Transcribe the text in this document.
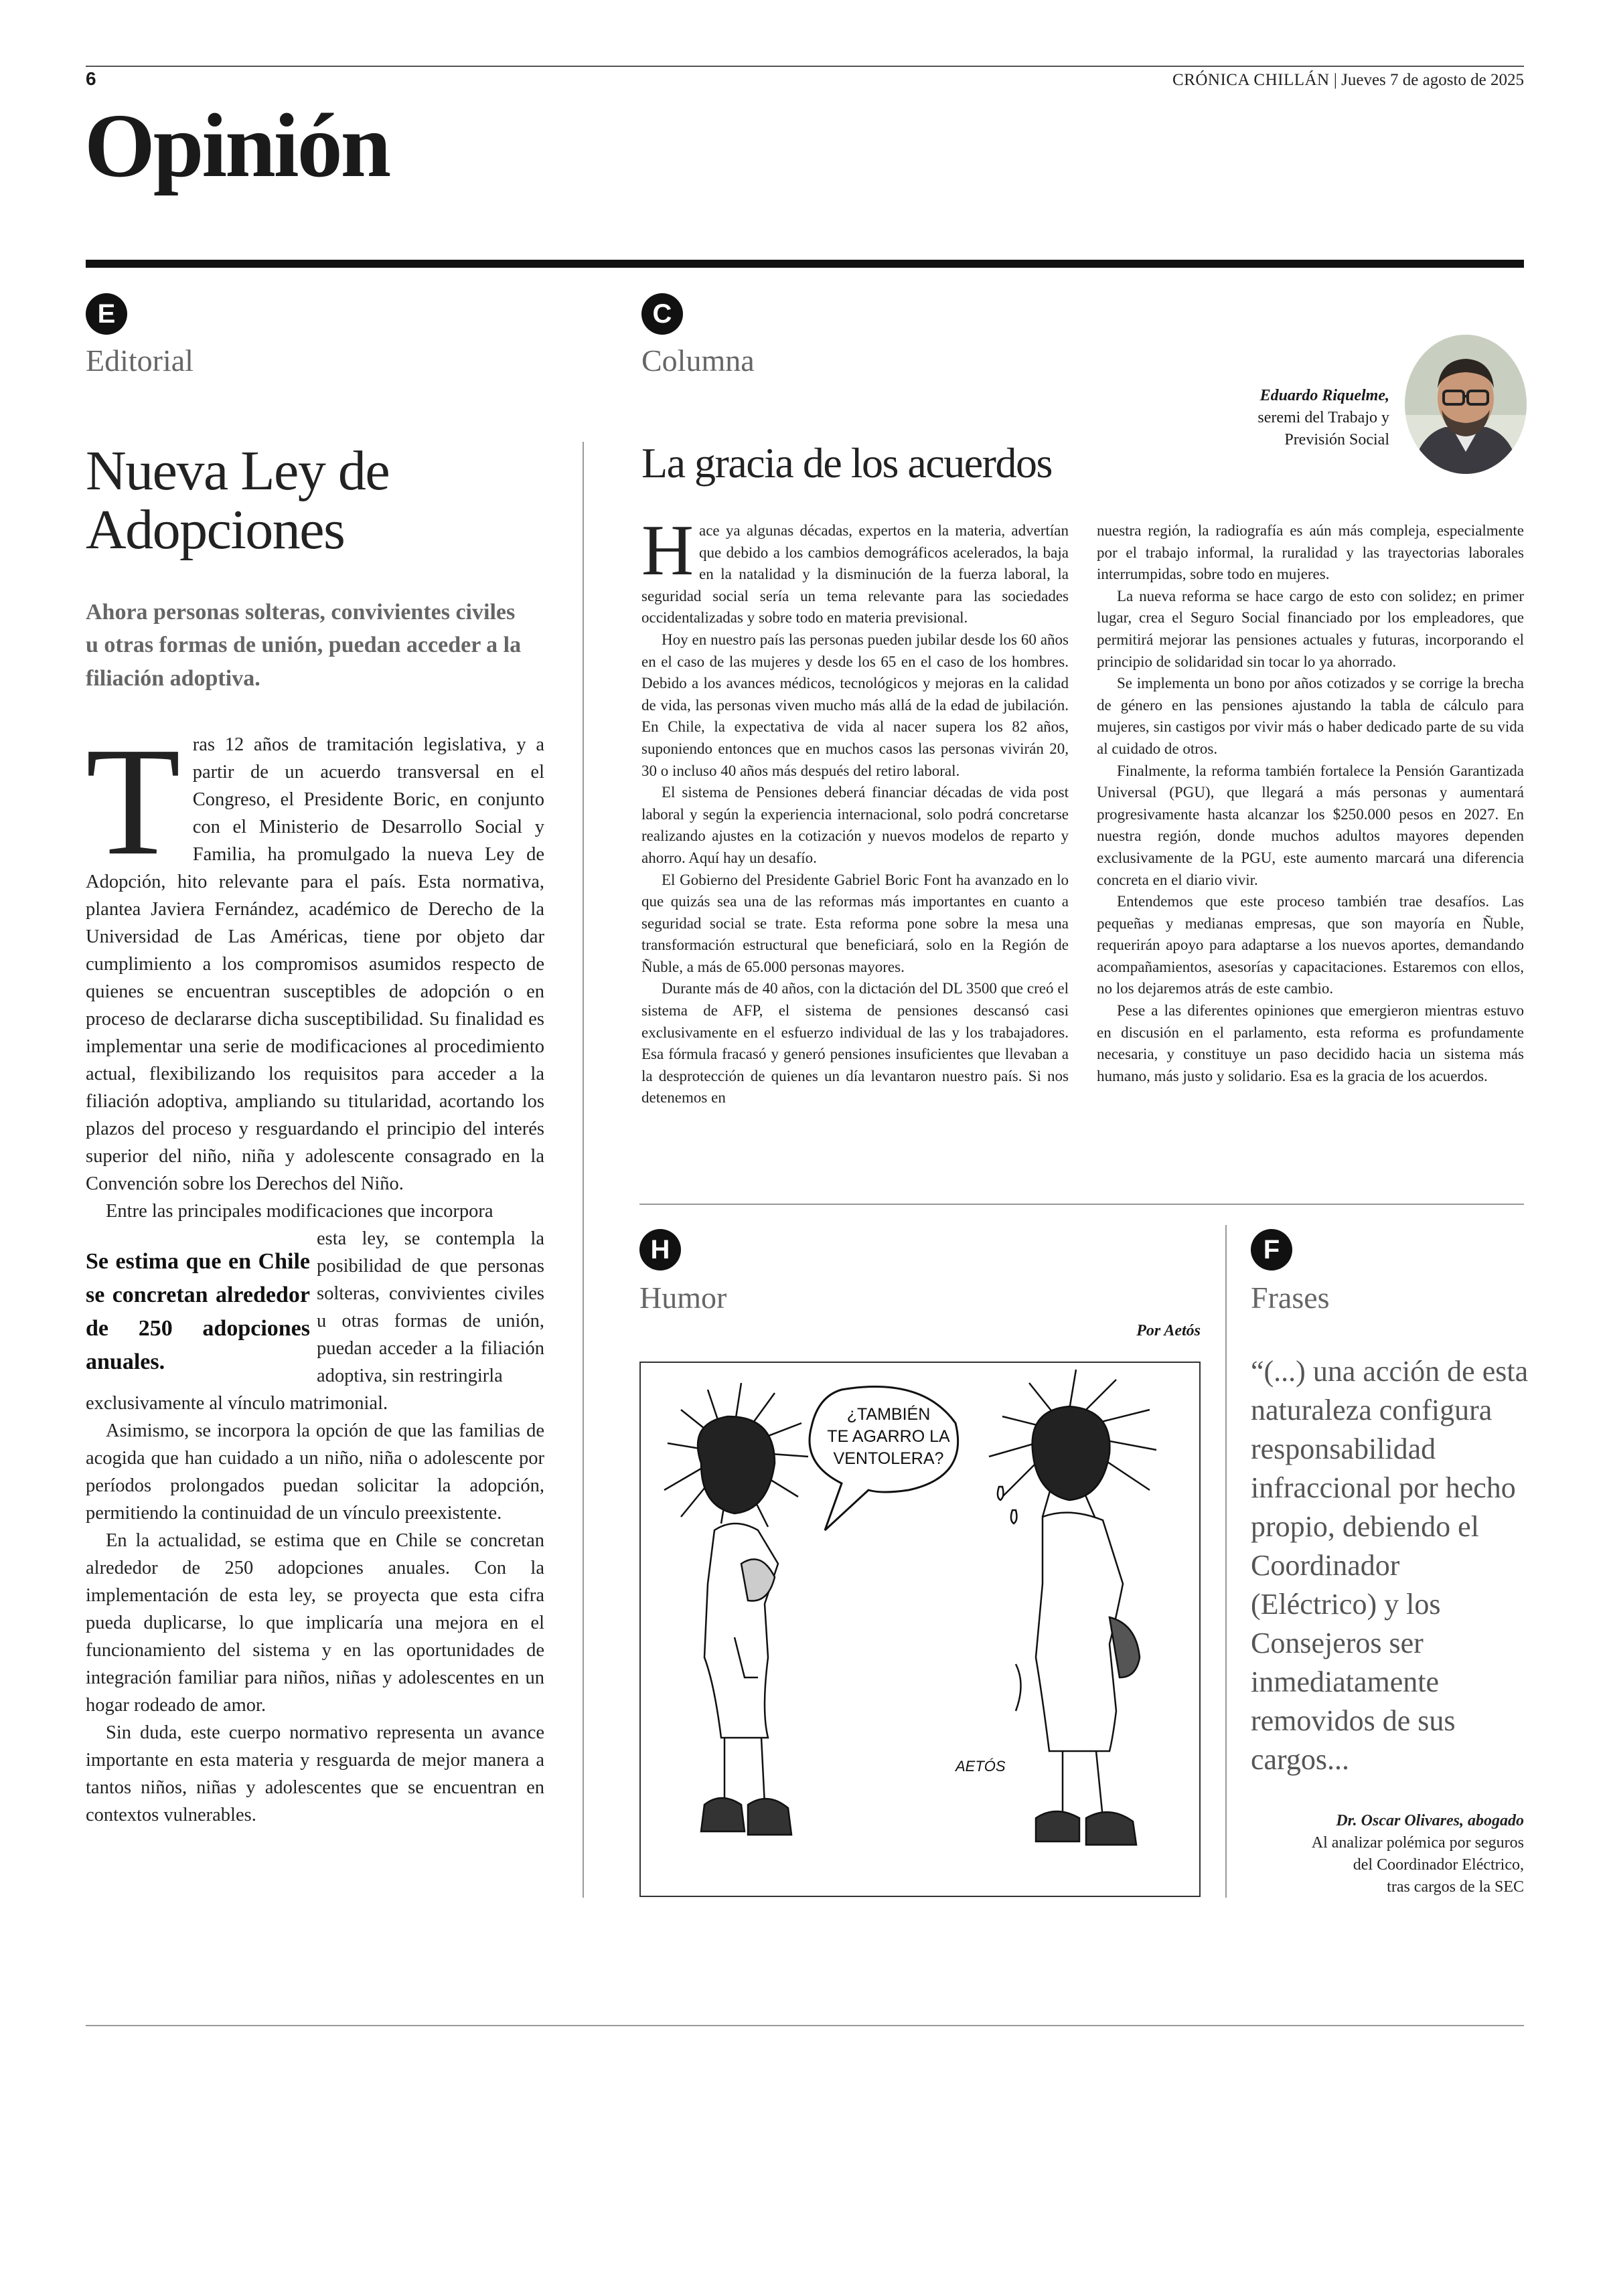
6	CRÓNICA CHILLÁN | Jueves 7 de agosto de 2025
Opinión
E
Editorial
Nueva Ley de
Adopciones
Ahora personas solteras, convivientes civiles u otras formas de unión, puedan acceder a la filiación adoptiva.

Tras 12 años de tramitación legislativa, y a partir de un acuerdo transversal en el Congreso, el Presidente Boric, en conjunto con el Ministerio de Desarrollo Social y Familia, ha promulgado la nueva Ley de Adopción, hito relevante para el país. Esta normativa, plantea Javiera Fernández, académico de Derecho de la Universidad de Las Américas, tiene por objeto dar cumplimiento a los compromisos asumidos respecto de quienes se encuentran susceptibles de adopción o en proceso de declararse dicha susceptibilidad. Su finalidad es implementar una serie de modificaciones al procedimiento actual, flexibilizando los requisitos para acceder a la filiación adoptiva, ampliando su titularidad, acortando los plazos del proceso y resguardando el principio del interés superior del niño, niña y adolescente consagrado en la Convención sobre los Derechos del Niño.

Entre las principales modificaciones que incorpora

Se estima que en Chile se concretan alrededor de 250 adopciones anuales.
esta ley, se contempla la posibilidad de que personas solteras, convivientes civiles u otras formas de unión, puedan acceder a la filiación adoptiva, sin restringirla
exclusivamente al vínculo matrimonial.

Asimismo, se incorpora la opción de que las familias de acogida que han cuidado a un niño, niña o adolescente por períodos prolongados puedan solicitar la adopción, permitiendo la continuidad de un vínculo preexistente.

En la actualidad, se estima que en Chile se concretan alrededor de 250 adopciones anuales. Con la implementación de esta ley, se proyecta que esta cifra pueda duplicarse, lo que implicaría una mejora en el funcionamiento del sistema y en las oportunidades de integración familiar para niños, niñas y adolescentes en un hogar rodeado de amor.

Sin duda, este cuerpo normativo representa un avance importante en esta materia y resguarda de mejor manera a tantos niños, niñas y adolescentes que se encuentran en contextos vulnerables.

C
Columna
Eduardo Riquelme,
seremi del Trabajo y
Previsión Social
La gracia de los acuerdos

Hace ya algunas décadas, expertos en la materia, advertían que debido a los cambios demográficos acelerados, la baja en la natalidad y la disminución de la fuerza laboral, la seguridad social sería un tema relevante para las sociedades occidentalizadas y sobre todo en materia previsional.

Hoy en nuestro país las personas pueden jubilar desde los 60 años en el caso de las mujeres y desde los 65 en el caso de los hombres. Debido a los avances médicos, tecnológicos y mejoras en la calidad de vida, las personas viven mucho más allá de la edad de jubilación. En Chile, la expectativa de vida al nacer supera los 82 años, suponiendo entonces que en muchos casos las personas vivirán 20, 30 o incluso 40 años más después del retiro laboral.

El sistema de Pensiones deberá financiar décadas de vida post laboral y según la experiencia internacional, solo podrá concretarse realizando ajustes en la cotización y nuevos modelos de reparto y ahorro. Aquí hay un desafío.

El Gobierno del Presidente Gabriel Boric Font ha avanzado en lo que quizás sea una de las reformas más importantes en cuanto a seguridad social se trate. Esta reforma pone sobre la mesa una transformación estructural que beneficiará, solo en la Región de Ñuble, a más de 65.000 personas mayores.

Durante más de 40 años, con la dictación del DL 3500 que creó el sistema de AFP, el sistema de pensiones descansó casi exclusivamente en el esfuerzo individual de las y los trabajadores. Esa fórmula fracasó y generó pensiones insuficientes que llevaban a la desprotección de quienes un día levantaron nuestro país. Si nos detenemos en

nuestra región, la radiografía es aún más compleja, especialmente por el trabajo informal, la ruralidad y las trayectorias laborales interrumpidas, sobre todo en mujeres.

La nueva reforma se hace cargo de esto con solidez; en primer lugar, crea el Seguro Social financiado por los empleadores, que permitirá mejorar las pensiones actuales y futuras, incorporando el principio de solidaridad sin tocar lo ya ahorrado.

Se implementa un bono por años cotizados y se corrige la brecha de género en las pensiones ajustando la tabla de cálculo para mujeres, sin castigos por vivir más o haber dedicado parte de su vida al cuidado de otros.

Finalmente, la reforma también fortalece la Pensión Garantizada Universal (PGU), que llegará a más personas y aumentará progresivamente hasta alcanzar los $250.000 pesos en 2027. En nuestra región, donde muchos adultos mayores dependen exclusivamente de la PGU, este aumento marcará una diferencia concreta en el diario vivir.

Entendemos que este proceso también trae desafíos. Las pequeñas y medianas empresas, que son mayoría en Ñuble, requerirán apoyo para adaptarse a los nuevos aportes, demandando acompañamientos, asesorías y capacitaciones. Estaremos con ellos, no los dejaremos atrás de este cambio.

Pese a las diferentes opiniones que emergieron mientras estuvo en discusión en el parlamento, esta reforma es profundamente necesaria, y constituye un paso decidido hacia un sistema más humano, más justo y solidario. Esa es la gracia de los acuerdos.

H
Humor
Por Aetós
¿TAMBIÉN
TE AGARRO LA
VENTOLERA?
AETÓS
F
Frases
“(...) una acción de esta naturaleza configura responsabilidad infraccional por hecho propio, debiendo el Coordinador (Eléctrico) y los Consejeros ser inmediatamente removidos de sus cargos...
Dr. Oscar Olivares, abogado
Al analizar polémica por seguros
del Coordinador Eléctrico,
tras cargos de la SEC
